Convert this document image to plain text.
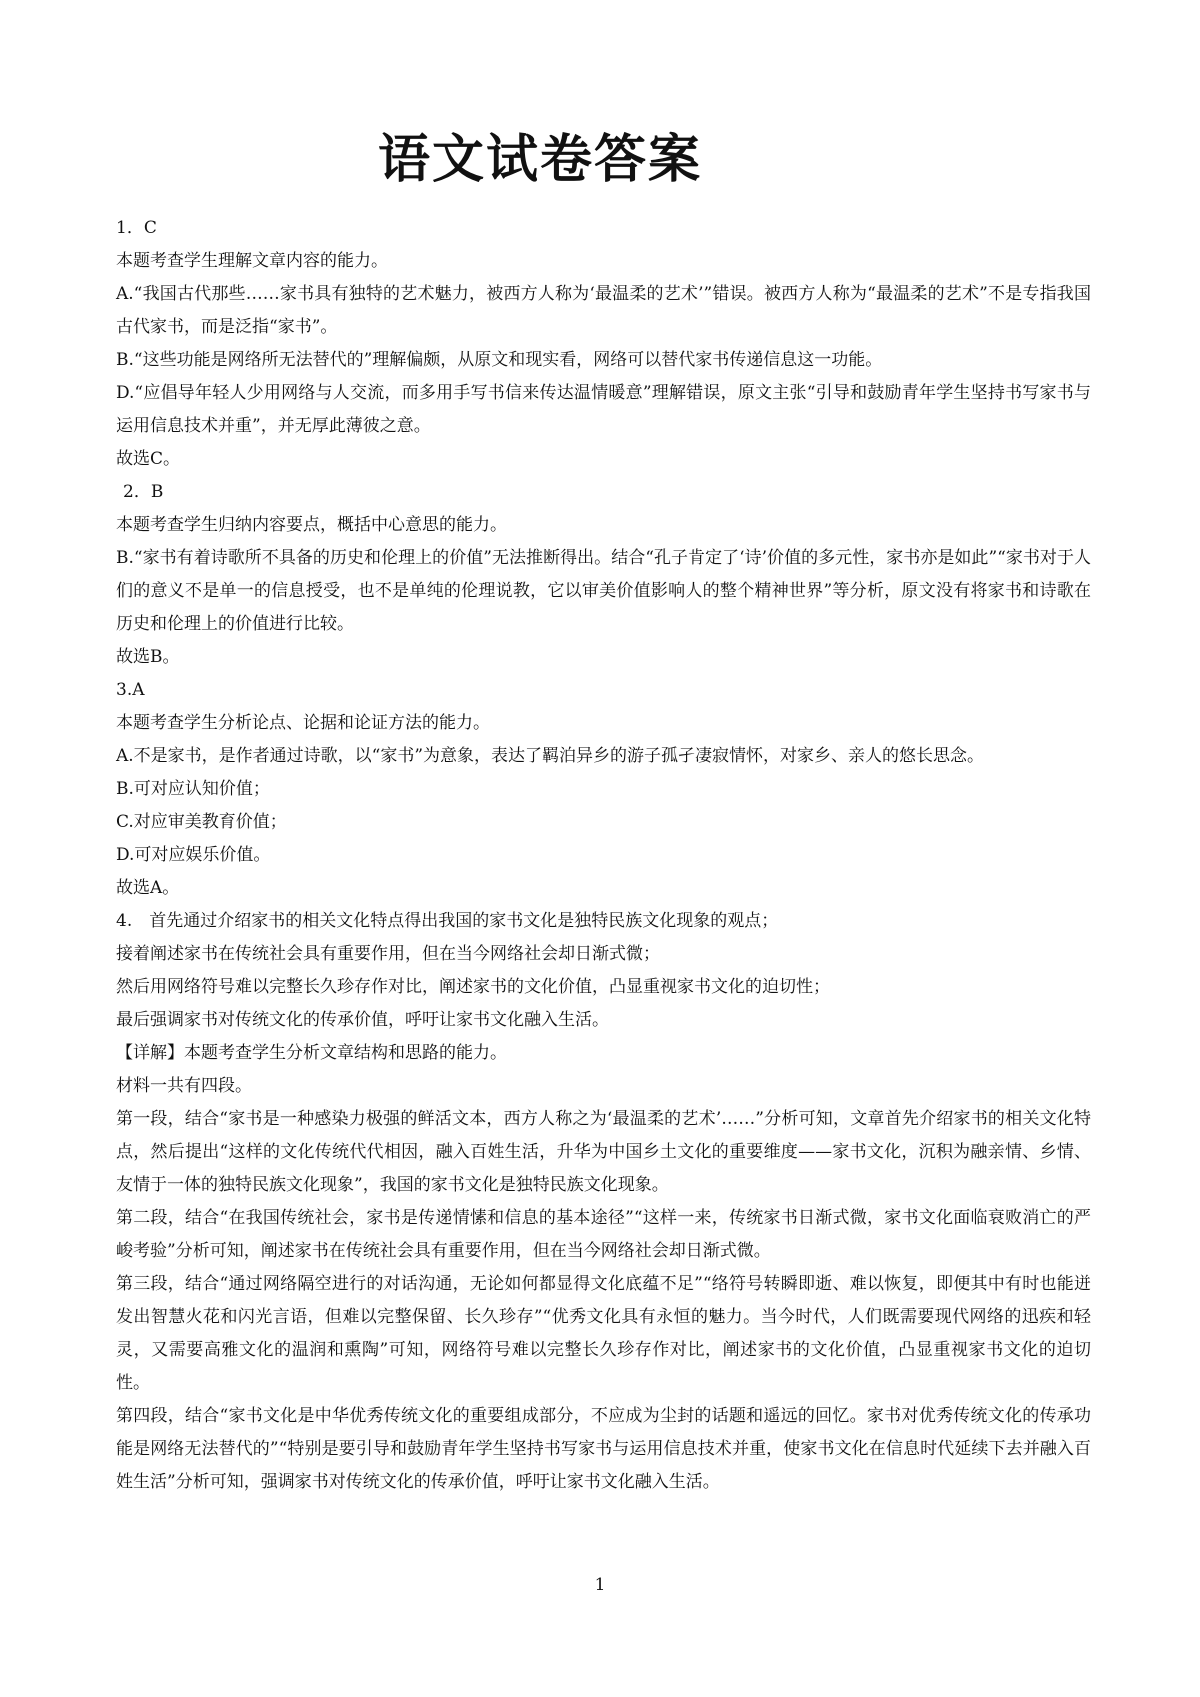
语文试卷答案

1．C

本题考查学生理解文章内容的能力。

A.“我国古代那些……家书具有独特的艺术魅力，被西方人称为‘最温柔的艺术’”错误。被西方人称为“最温柔的艺术”不是专指我国古代家书，而是泛指“家书”。

B.“这些功能是网络所无法替代的”理解偏颇，从原文和现实看，网络可以替代家书传递信息这一功能。

D.“应倡导年轻人少用网络与人交流，而多用手写书信来传达温情暖意”理解错误，原文主张“引导和鼓励青年学生坚持书写家书与运用信息技术并重”，并无厚此薄彼之意。

故选C。

2．B

本题考查学生归纳内容要点，概括中心意思的能力。

B.“家书有着诗歌所不具备的历史和伦理上的价值”无法推断得出。结合“孔子肯定了‘诗’价值的多元性，家书亦是如此”“家书对于人们的意义不是单一的信息授受，也不是单纯的伦理说教，它以审美价值影响人的整个精神世界”等分析，原文没有将家书和诗歌在历史和伦理上的价值进行比较。

故选B。

3.A

本题考查学生分析论点、论据和论证方法的能力。

A.不是家书，是作者通过诗歌，以“家书”为意象，表达了羁泊异乡的游子孤孑凄寂情怀，对家乡、亲人的悠长思念。

B.可对应认知价值；

C.对应审美教育价值；

D.可对应娱乐价值。

故选A。

4.　首先通过介绍家书的相关文化特点得出我国的家书文化是独特民族文化现象的观点；

接着阐述家书在传统社会具有重要作用，但在当今网络社会却日渐式微；

然后用网络符号难以完整长久珍存作对比，阐述家书的文化价值，凸显重视家书文化的迫切性；

最后强调家书对传统文化的传承价值，呼吁让家书文化融入生活。

【详解】本题考查学生分析文章结构和思路的能力。

材料一共有四段。

第一段，结合“家书是一种感染力极强的鲜活文本，西方人称之为‘最温柔的艺术’……”分析可知，文章首先介绍家书的相关文化特点，然后提出“这样的文化传统代代相因，融入百姓生活，升华为中国乡土文化的重要维度——家书文化，沉积为融亲情、乡情、友情于一体的独特民族文化现象”，我国的家书文化是独特民族文化现象。

第二段，结合“在我国传统社会，家书是传递情愫和信息的基本途径”“这样一来，传统家书日渐式微，家书文化面临衰败消亡的严峻考验”分析可知，阐述家书在传统社会具有重要作用，但在当今网络社会却日渐式微。

第三段，结合“通过网络隔空进行的对话沟通，无论如何都显得文化底蕴不足”“络符号转瞬即逝、难以恢复，即便其中有时也能迸发出智慧火花和闪光言语，但难以完整保留、长久珍存”“优秀文化具有永恒的魅力。当今时代，人们既需要现代网络的迅疾和轻灵，又需要高雅文化的温润和熏陶”可知，网络符号难以完整长久珍存作对比，阐述家书的文化价值，凸显重视家书文化的迫切性。

第四段，结合“家书文化是中华优秀传统文化的重要组成部分，不应成为尘封的话题和遥远的回忆。家书对优秀传统文化的传承功能是网络无法替代的”“特别是要引导和鼓励青年学生坚持书写家书与运用信息技术并重，使家书文化在信息时代延续下去并融入百姓生活”分析可知，强调家书对传统文化的传承价值，呼吁让家书文化融入生活。

1
